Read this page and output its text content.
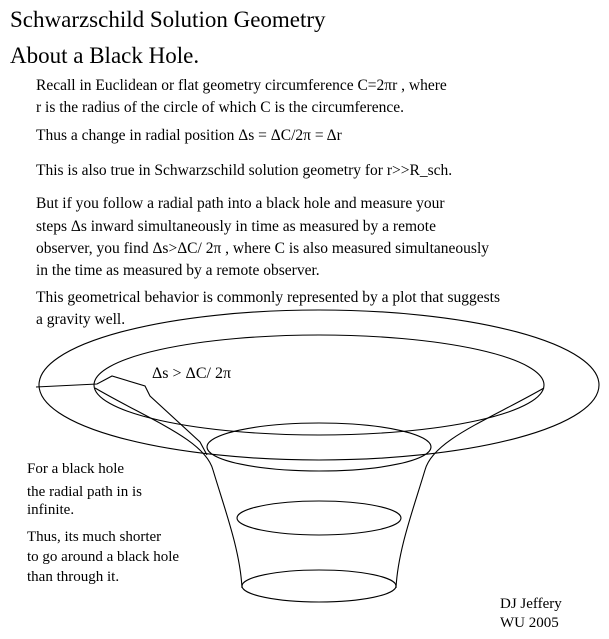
Schwarzschild Solution Geometry
About a Black Hole.
Recall in Euclidean or flat geometry circumference C=2πr , where
r is the radius of the circle of which C is the circumference.
Thus a change in radial position Δs = ΔC/2π = Δr
This is also true in Schwarzschild solution geometry for r>>R_sch.
But if you follow a radial path into a black hole and measure your
steps Δs inward simultaneously in time as measured by a remote
observer, you find Δs>ΔC/ 2π , where C is also measured simultaneously
in the time as measured by a remote observer.
This geometrical behavior is commonly represented by a plot that suggests
a gravity well.
Δs > ΔC/ 2π
For a black hole
the radial path in is
infinite.
Thus, its much shorter
to go around a black hole
than through it.
DJ Jeffery
WU 2005
